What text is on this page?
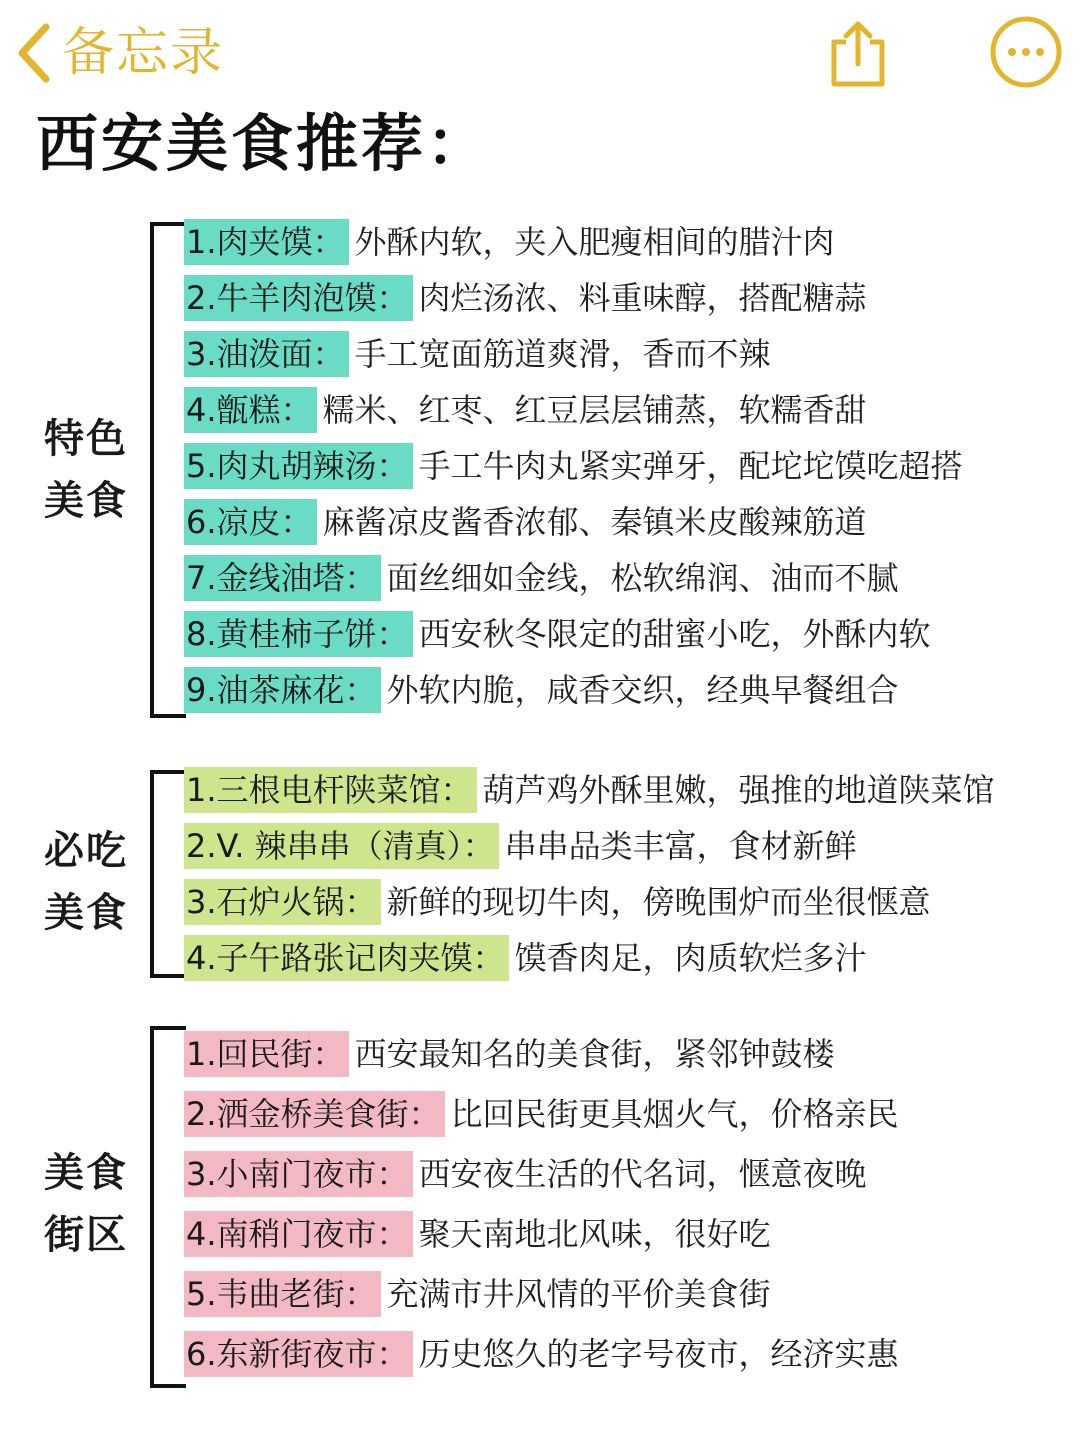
备忘录
西安美食推荐：
特色
美食
1.肉夹馍： 外酥内软，夹入肥瘦相间的腊汁肉
2.牛羊肉泡馍： 肉烂汤浓、料重味醇，搭配糖蒜
3.油泼面： 手工宽面筋道爽滑，香而不辣
4.甑糕： 糯米、红枣、红豆层层铺蒸，软糯香甜
5.肉丸胡辣汤： 手工牛肉丸紧实弹牙，配坨坨馍吃超搭
6.凉皮： 麻酱凉皮酱香浓郁、秦镇米皮酸辣筋道
7.金线油塔： 面丝细如金线，松软绵润、油而不腻
8.黄桂柿子饼： 西安秋冬限定的甜蜜小吃，外酥内软
9.油茶麻花： 外软内脆，咸香交织，经典早餐组合
必吃
美食
1.三根电杆陕菜馆： 葫芦鸡外酥里嫩，强推的地道陕菜馆
2.V. 辣串串（清真）： 串串品类丰富，食材新鲜
3.石炉火锅： 新鲜的现切牛肉，傍晚围炉而坐很惬意
4.子午路张记肉夹馍： 馍香肉足，肉质软烂多汁
美食
街区
1.回民街： 西安最知名的美食街，紧邻钟鼓楼
2.洒金桥美食街： 比回民街更具烟火气，价格亲民
3.小南门夜市： 西安夜生活的代名词，惬意夜晚
4.南稍门夜市： 聚天南地北风味，很好吃
5.韦曲老街： 充满市井风情的平价美食街
6.东新街夜市： 历史悠久的老字号夜市，经济实惠
